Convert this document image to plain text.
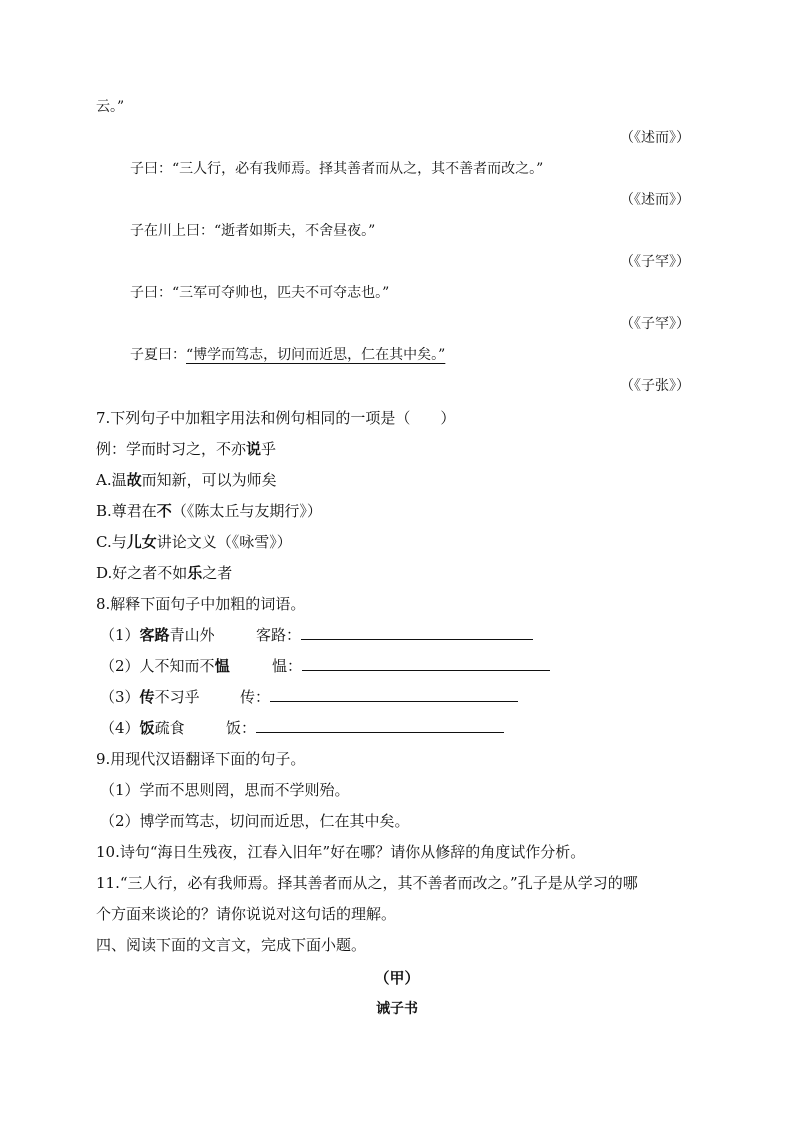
云。”
（《述而》）
子曰：“三人行，必有我师焉。择其善者而从之，其不善者而改之。”
（《述而》）
子在川上曰：“逝者如斯夫，不舍昼夜。”
（《子罕》）
子曰：“三军可夺帅也，匹夫不可夺志也。”
（《子罕》）
子夏曰：“博学而笃志，切问而近思，仁在其中矣。”
（《子张》）
7.下列句子中加粗字用法和例句相同的一项是（　　）
例：学而时习之，不亦说乎
A.温故而知新，可以为师矣
B.尊君在不（《陈太丘与友期行》）
C.与儿女讲论文义（《咏雪》）
D.好之者不如乐之者
8.解释下面句子中加粗的词语。
（1）客路青山外	客路：
（2）人不知而不愠	愠：
（3）传不习乎	传：
（4）饭疏食	饭：
9.用现代汉语翻译下面的句子。
（1）学而不思则罔，思而不学则殆。
（2）博学而笃志，切问而近思，仁在其中矣。
10.诗句“海日生残夜，江春入旧年”好在哪？请你从修辞的角度试作分析。
11.“三人行，必有我师焉。择其善者而从之，其不善者而改之。”孔子是从学习的哪
个方面来谈论的？请你说说对这句话的理解。
四、阅读下面的文言文，完成下面小题。
（甲）
诫子书
